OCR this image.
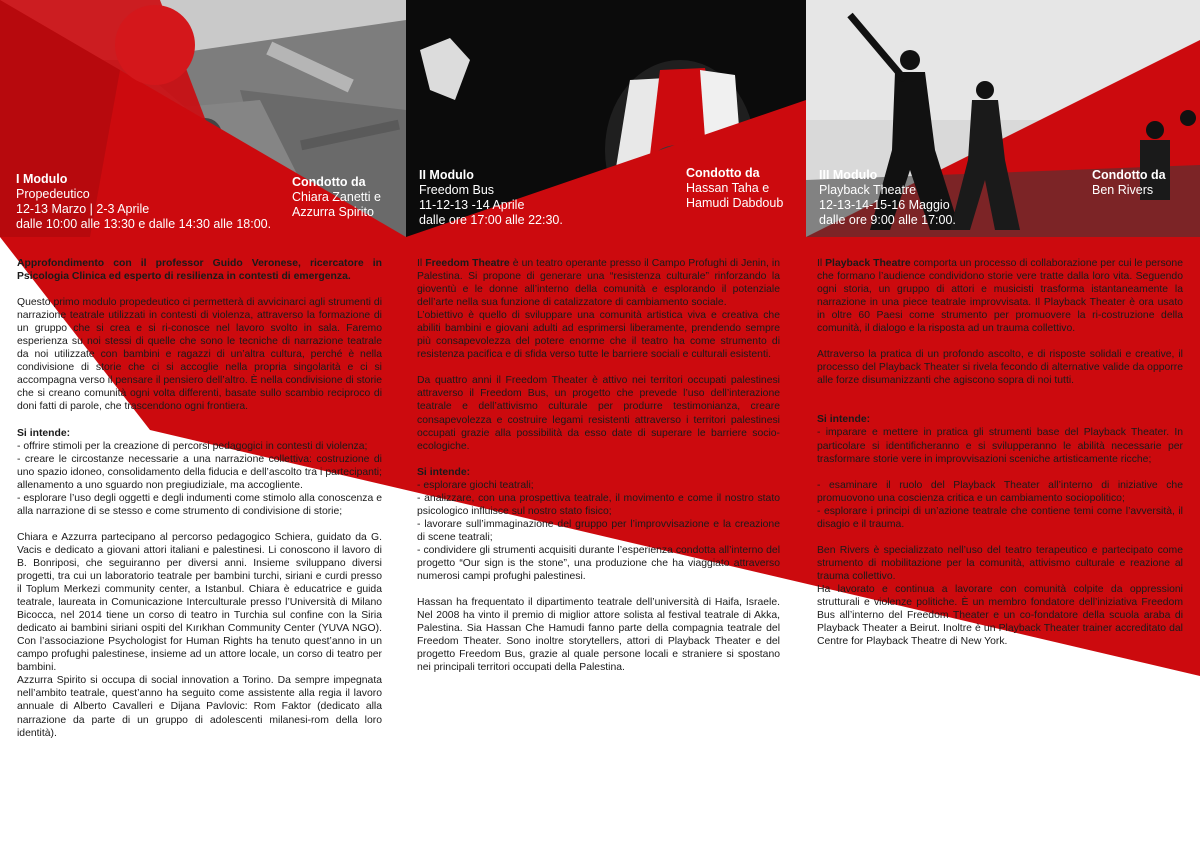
I Modulo
Propedeutico
12-13 Marzo | 2-3 Aprile
dalle 10:00 alle 13:30 e dalle 14:30 alle 18:00.
Condotto da
Chiara Zanetti e
Azzurra Spirito
II Modulo
Freedom Bus
11-12-13 -14 Aprile
dalle ore 17:00 alle 22:30.
Condotto da
Hassan Taha e
Hamudi Dabdoub
III Modulo
Playback Theatre
12-13-14-15-16 Maggio
dalle ore 9:00 alle 17:00.
Condotto da
Ben Rivers

Approfondimento con il professor Guido Veronese, ricercatore in Psicologia Clinica ed esperto di resilienza in contesti di emergenza.

Questo primo modulo propedeutico ci permetterà di avvicinarci agli strumenti di narrazione teatrale utilizzati in contesti di violenza, attraverso la formazione di un gruppo che si crea e si ri-conosce nel lavoro svolto in sala. Faremo esperienza su noi stessi di quelle che sono le tecniche di narrazione teatrale da noi utilizzate con bambini e ragazzi di un’altra cultura, perché è nella condivisione di storie che ci si accoglie nella propria singolarità e ci si accompagna verso il pensare il pensiero dell’altro. È nella condivisione di storie che si creano comunità ogni volta differenti, basate sullo scambio reciproco di doni fatti di parole, che trascendono ogni frontiera.

Si intende:
- offrire stimoli per la creazione di percorsi pedagogici in contesti di violenza;
- creare le circostanze necessarie a una narrazione collettiva: costruzione di uno spazio idoneo, consolidamento della fiducia e dell’ascolto tra i partecipanti; allenamento a uno sguardo non pregiudiziale, ma accogliente.
- esplorare l’uso degli oggetti e degli indumenti come stimolo alla conoscenza e alla narrazione di se stesso e come strumento di condivisione di storie;

Chiara e Azzurra partecipano al percorso pedagogico Schiera, guidato da G. Vacis e dedicato a giovani attori italiani e palestinesi. Li conoscono il lavoro di B. Bonriposi, che seguiranno per diversi anni. Insieme sviluppano diversi progetti, tra cui un laboratorio teatrale per bambini turchi, siriani e curdi presso il Toplum Merkezi community center, a Istanbul. Chiara è educatrice e guida teatrale, laureata in Comunicazione Interculturale presso l’Università di Milano Bicocca, nel 2014 tiene un corso di teatro in Turchia sul confine con la Siria dedicato ai bambini siriani ospiti del Kırıkhan Community Center (YUVA NGO). Con l’associazione Psychologist for Human Rights ha tenuto quest’anno in un campo profughi palestinese, insieme ad un attore locale, un corso di teatro per bambini.

Azzurra Spirito si occupa di social innovation a Torino. Da sempre impegnata nell’ambito teatrale, quest’anno ha seguito come assistente alla regia il lavoro annuale di Alberto Cavalleri e Dijana Pavlovic: Rom Faktor (dedicato alla narrazione da parte di un gruppo di adolescenti milanesi-rom della loro identità).

Il Freedom Theatre è un teatro operante presso il Campo Profughi di Jenin, in Palestina. Si propone di generare una “resistenza culturale” rinforzando la gioventù e le donne all’interno della comunità e esplorando il potenziale dell’arte nella sua funzione di catalizzatore di cambiamento sociale.

L’obiettivo è quello di sviluppare una comunità artistica viva e creativa che abiliti bambini e giovani adulti ad esprimersi liberamente, prendendo sempre più consapevolezza del potere enorme che il teatro ha come strumento di resistenza pacifica e di sfida verso tutte le barriere sociali e culturali esistenti.

Da quattro anni il Freedom Theater è attivo nei territori occupati palestinesi attraverso il Freedom Bus, un progetto che prevede l’uso dell’interazione teatrale e dell’attivismo culturale per produrre testimonianza, creare consapevolezza e costruire legami resistenti attraverso i territori palestinesi occupati grazie alla possibilità da esso date di superare le barriere socio-ecologiche.

Si intende:
- esplorare giochi teatrali;
- analizzare, con una prospettiva teatrale, il movimento e come il nostro stato psicologico influisce sul nostro stato fisico;
- lavorare sull’immaginazione del gruppo per l’improvvisazione e la creazione di scene teatrali;
- condividere gli strumenti acquisiti durante l’esperienza condotta all’interno del progetto “Our sign is the stone”, una produzione che ha viaggiato attraverso numerosi campi profughi palestinesi.

Hassan ha frequentato il dipartimento teatrale dell’università di Haifa, Israele. Nel 2008 ha vinto il premio di miglior attore solista al festival teatrale di Akka, Palestina. Sia Hassan Che Hamudi fanno parte della compagnia teatrale del Freedom Theater. Sono inoltre storytellers, attori di Playback Theater e del progetto Freedom Bus, grazie al quale persone locali e straniere si spostano nei principali territori occupati della Palestina.

Il Playback Theatre comporta un processo di collaborazione per cui le persone che formano l’audience condividono storie vere tratte dalla loro vita. Seguendo ogni storia, un gruppo di attori e musicisti trasforma istantaneamente la narrazione in una piece teatrale improvvisata. Il Playback Theater è ora usato in oltre 60 Paesi come strumento per promuovere la ri-costruzione della comunità, il dialogo e la risposta ad un trauma collettivo.

Attraverso la pratica di un profondo ascolto, e di risposte solidali e creative, il processo del Playback Theater si rivela fecondo di alternative valide da opporre alle forze disumanizzanti che agiscono sopra di noi tutti.

Si intende:
- imparare e mettere in pratica gli strumenti base del Playback Theater. In particolare si identificheranno e si svilupperanno le abilità necessarie per trasformare storie vere in improvvisazioni sceniche artisticamente ricche;
- esaminare il ruolo del Playback Theater all’interno di iniziative che promuovono una coscienza critica e un cambiamento sociopolitico;
- esplorare i principi di un’azione teatrale che contiene temi come l’avversità, il disagio e il trauma.

Ben Rivers è specializzato nell’uso del teatro terapeutico e partecipato come strumento di mobilitazione per la comunità, attivismo culturale e reazione al trauma collettivo.

Ha lavorato e continua a lavorare con comunità colpite da oppressioni strutturali e violenze politiche. È un membro fondatore dell’iniziativa Freedom Bus all’interno del Freedom Theater e un co-fondatore della scuola araba di Playback Theater a Beirut. Inoltre è un Playback Theater trainer accreditato dal Centre for Playback Theatre di New York.
